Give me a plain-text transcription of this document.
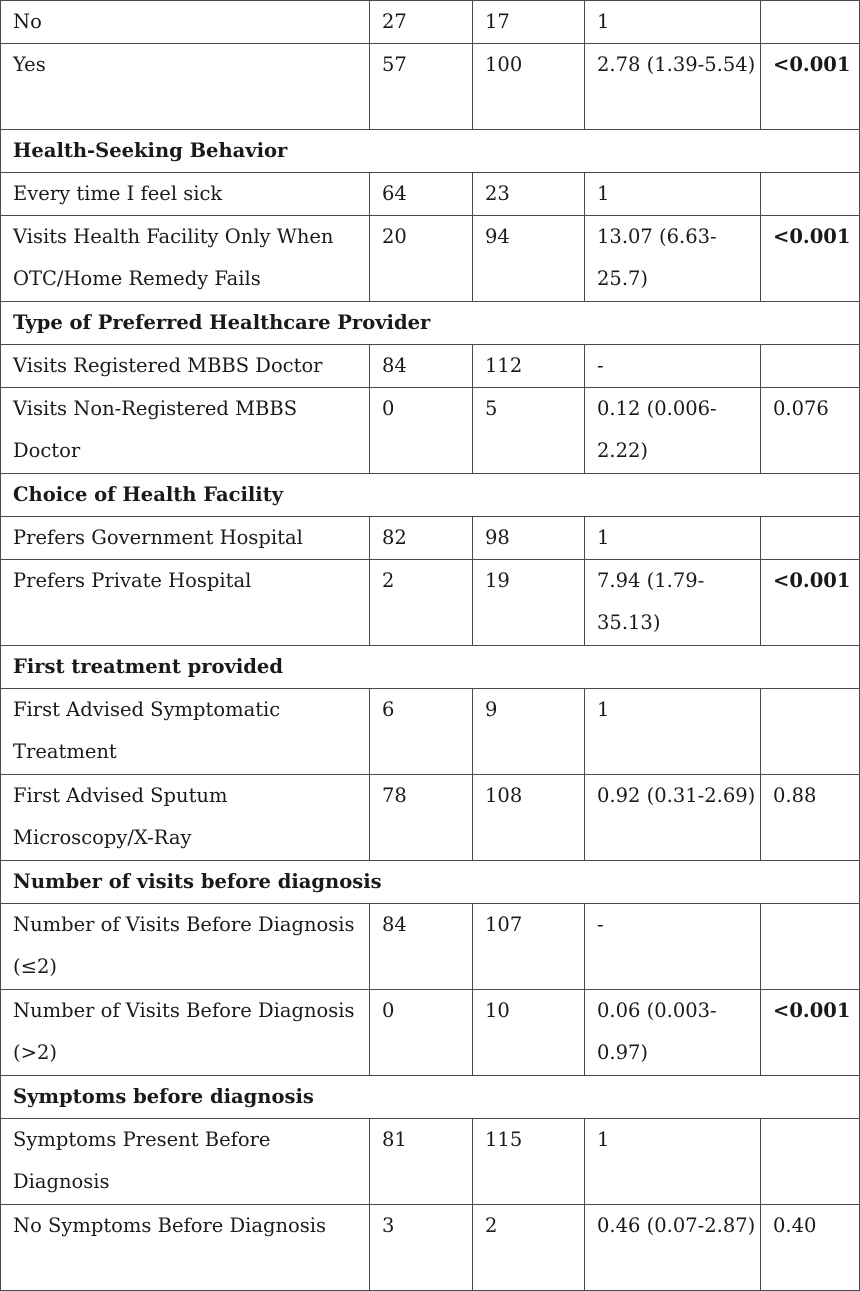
No	27	17	1	
Yes	57	100	2.78 (1.39-5.54)	<0.001
Health-Seeking Behavior				
Every time I feel sick	64	23	1	
Visits Health Facility Only When OTC/Home Remedy Fails	20	94	13.07 (6.63-25.7)	<0.001
Type of Preferred Healthcare Provider				
Visits Registered MBBS Doctor	84	112	-	
Visits Non-Registered MBBS Doctor	0	5	0.12 (0.006-2.22)	0.076
Choice of Health Facility				
Prefers Government Hospital	82	98	1	
Prefers Private Hospital	2	19	7.94 (1.79-35.13)	<0.001
First treatment provided				
First Advised Symptomatic Treatment	6	9	1	
First Advised Sputum Microscopy/X-Ray	78	108	0.92 (0.31-2.69)	0.88
Number of visits before diagnosis				
Number of Visits Before Diagnosis (≤2)	84	107	-	
Number of Visits Before Diagnosis (>2)	0	10	0.06 (0.003-0.97)	<0.001
Symptoms before diagnosis				
Symptoms Present Before Diagnosis	81	115	1	
No Symptoms Before Diagnosis	3	2	0.46 (0.07-2.87)	0.40
